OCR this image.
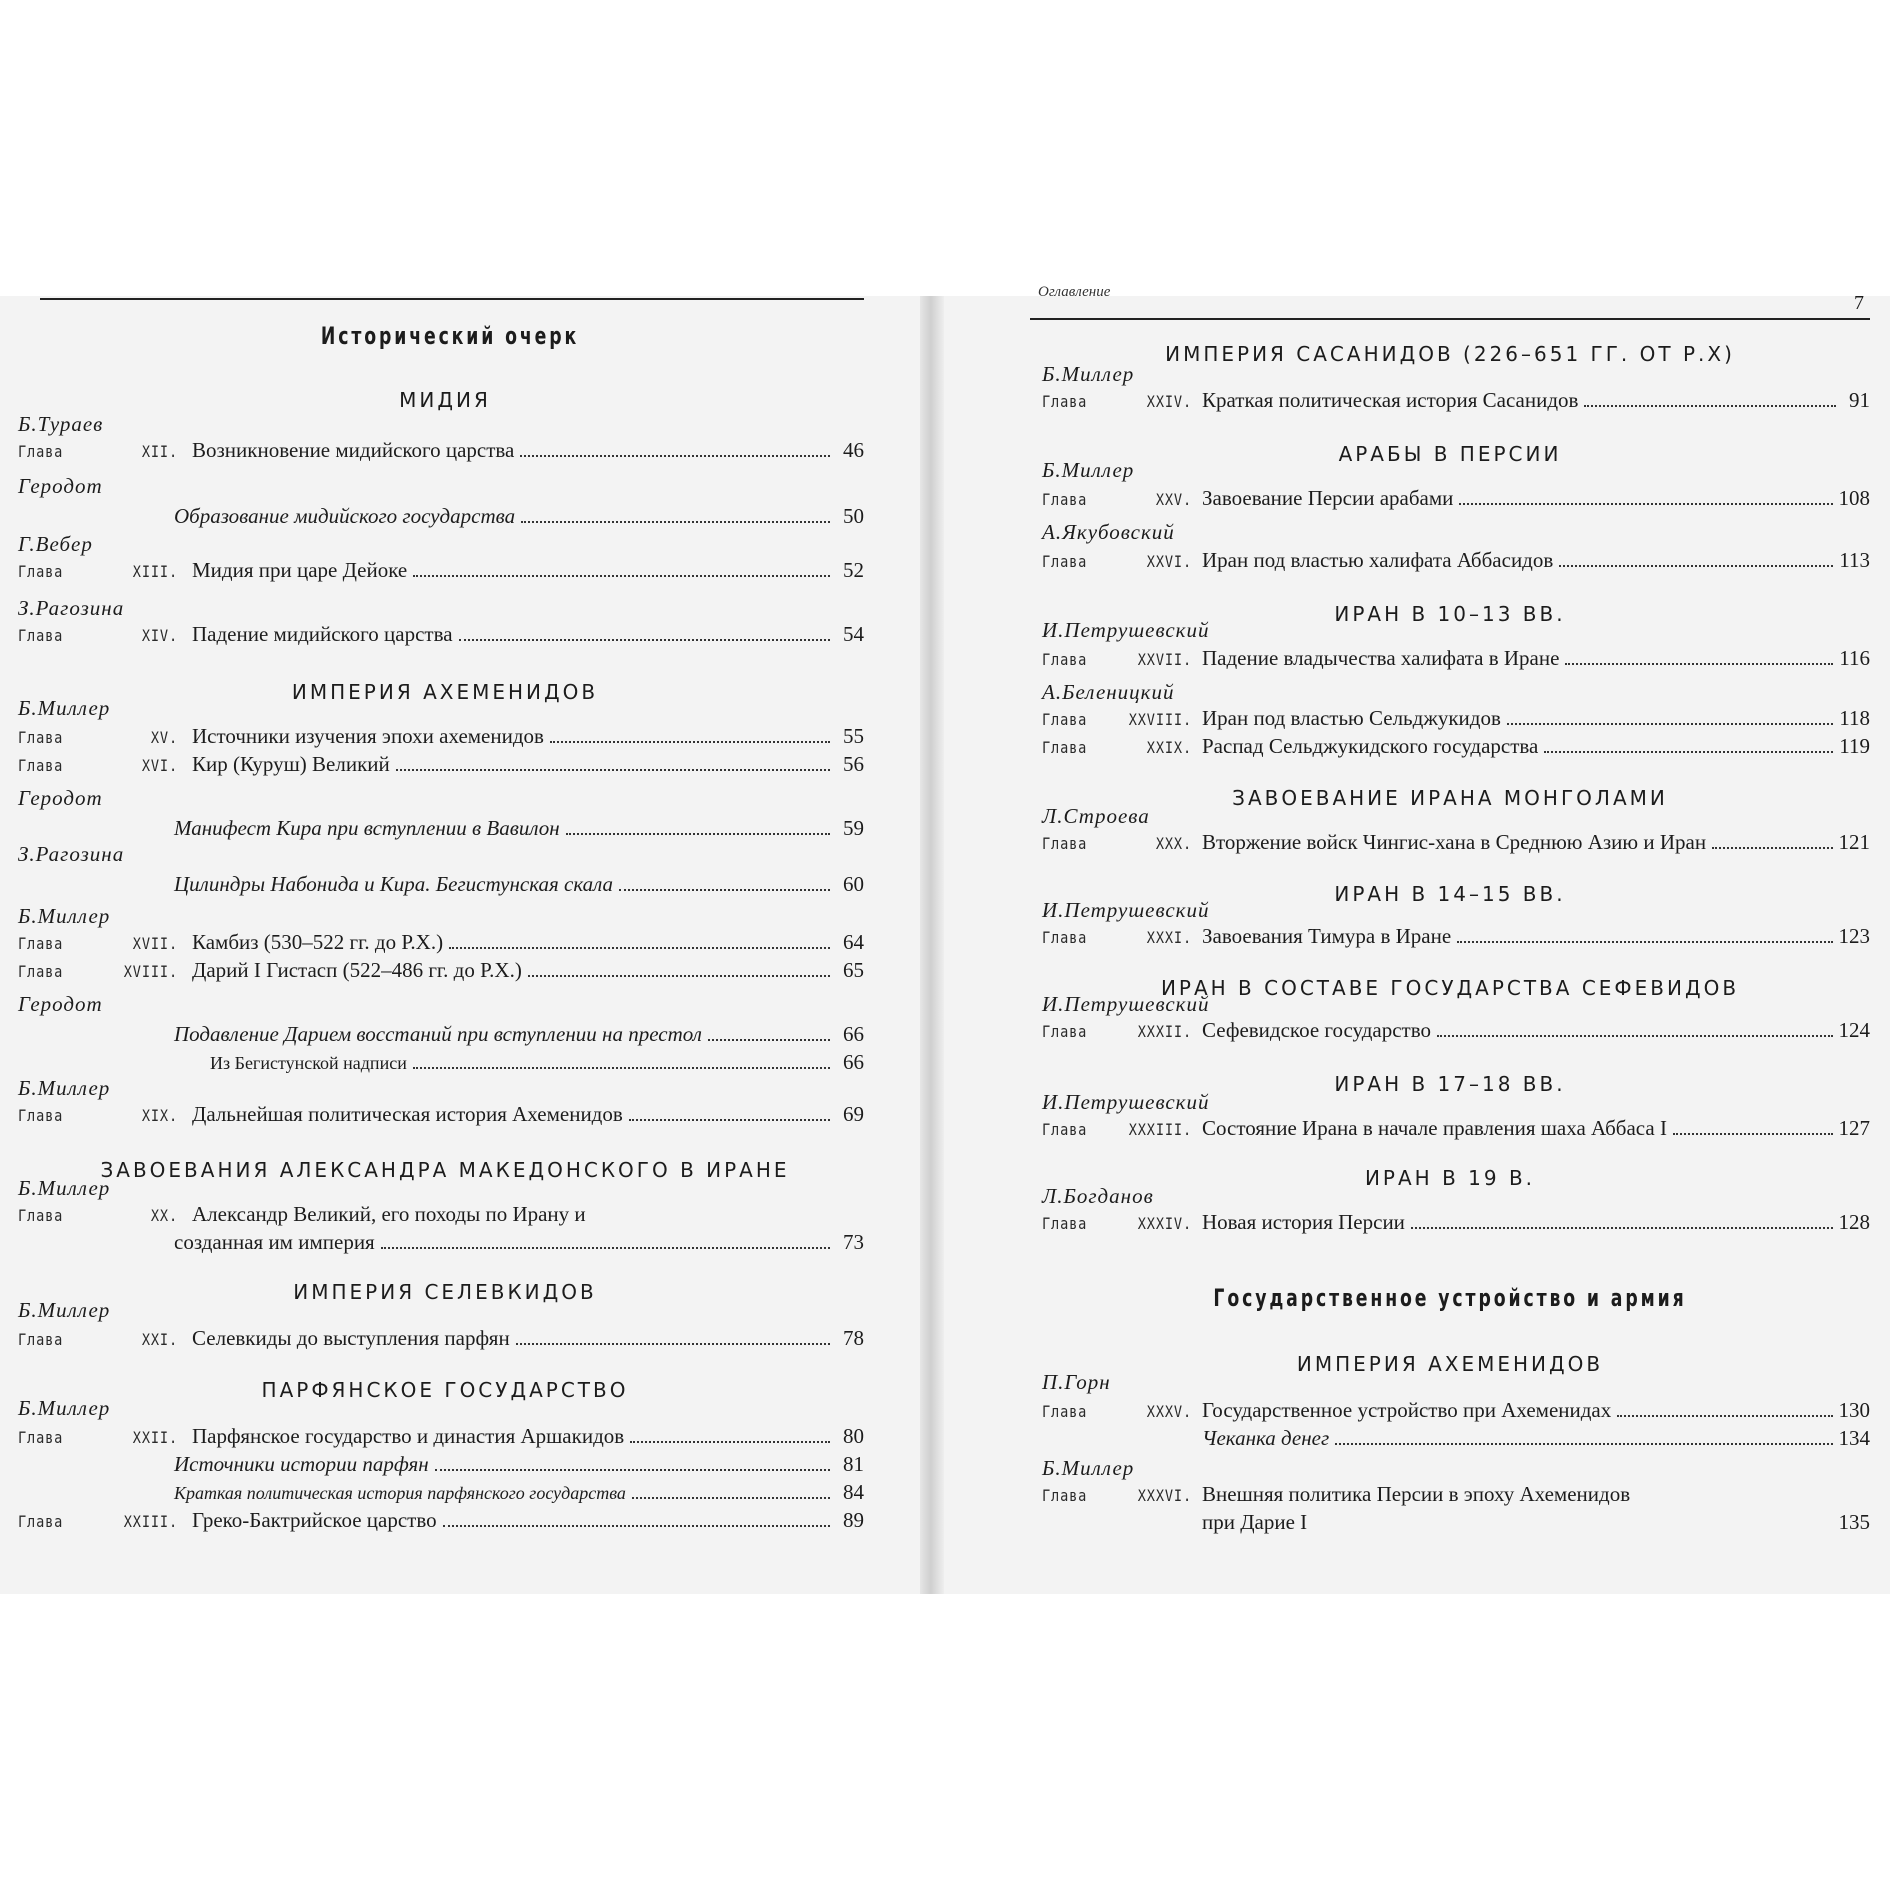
Исторический очерк
МИДИЯ
Б.Тураев
Глава	XII. Возникновение мидийского царства	46
Геродот
Образование мидийского государства	50
Г.Вебер
Глава	XIII. Мидия при царе Дейоке	52
З.Рагозина
Глава	XIV. Падение мидийского царства	54
ИМПЕРИЯ АХЕМЕНИДОВ
Б.Миллер
Глава	XV. Источники изучения эпохи ахеменидов	55
Глава	XVI. Кир (Куруш) Великий	56
Геродот
Манифест Кира при вступлении в Вавилон	59
З.Рагозина
Цилиндры Набонида и Кира. Бегистунская скала	60
Б.Миллер
Глава	XVII. Камбиз (530–522 гг. до Р.Х.)	64
Глава	XVIII. Дарий I Гистасп (522–486 гг. до Р.Х.)	65
Геродот
Подавление Дарием восстаний при вступлении на престол	66
Из Бегистунской надписи	66
Б.Миллер
Глава	XIX. Дальнейшая политическая история Ахеменидов	69
ЗАВОЕВАНИЯ АЛЕКСАНДРА МАКЕДОНСКОГО В ИРАНЕ
Б.Миллер
Глава	XX. Александр Великий, его походы по Ирану и
созданная им империя	73
ИМПЕРИЯ СЕЛЕВКИДОВ
Б.Миллер
Глава	XXI. Селевкиды до выступления парфян	78
ПАРФЯНСКОЕ ГОСУДАРСТВО
Б.Миллер
Глава	XXII. Парфянское государство и династия Аршакидов	80
Источники истории парфян	81
Краткая политическая история парфянского государства	84
Глава	XXIII. Греко-Бактрийское царство	89
Оглавление	7
ИМПЕРИЯ САСАНИДОВ (226–651 ГГ. ОТ Р.Х)
Б.Миллер
Глава	XXIV. Краткая политическая история Сасанидов	91
АРАБЫ В ПЕРСИИ
Б.Миллер
Глава	XXV. Завоевание Персии арабами	108
А.Якубовский
Глава	XXVI. Иран под властью халифата Аббасидов	113
ИРАН В 10–13 ВВ.
И.Петрушевский
Глава	XXVII. Падение владычества халифата в Иране	116
А.Беленицкий
Глава	XXVIII. Иран под властью Сельджукидов	118
Глава	XXIX. Распад Сельджукидского государства	119
ЗАВОЕВАНИЕ ИРАНА МОНГОЛАМИ
Л.Строева
Глава	XXX. Вторжение войск Чингис-хана в Среднюю Азию и Иран	121
ИРАН В 14–15 ВВ.
И.Петрушевский
Глава	XXXI. Завоевания Тимура в Иране	123
ИРАН В СОСТАВЕ ГОСУДАРСТВА СЕФЕВИДОВ
И.Петрушевский
Глава	XXXII. Сефевидское государство	124
ИРАН В 17–18 ВВ.
И.Петрушевский
Глава	XXXIII. Состояние Ирана в начале правления шаха Аббаса I	127
ИРАН В 19 В.
Л.Богданов
Глава	XXXIV. Новая история Персии	128
Государственное устройство и армия
ИМПЕРИЯ АХЕМЕНИДОВ
П.Горн
Глава	XXXV. Государственное устройство при Ахеменидах	130
Чеканка денег	134
Б.Миллер
Глава	XXXVI. Внешняя политика Персии в эпоху Ахеменидов
при Дарие I	135
